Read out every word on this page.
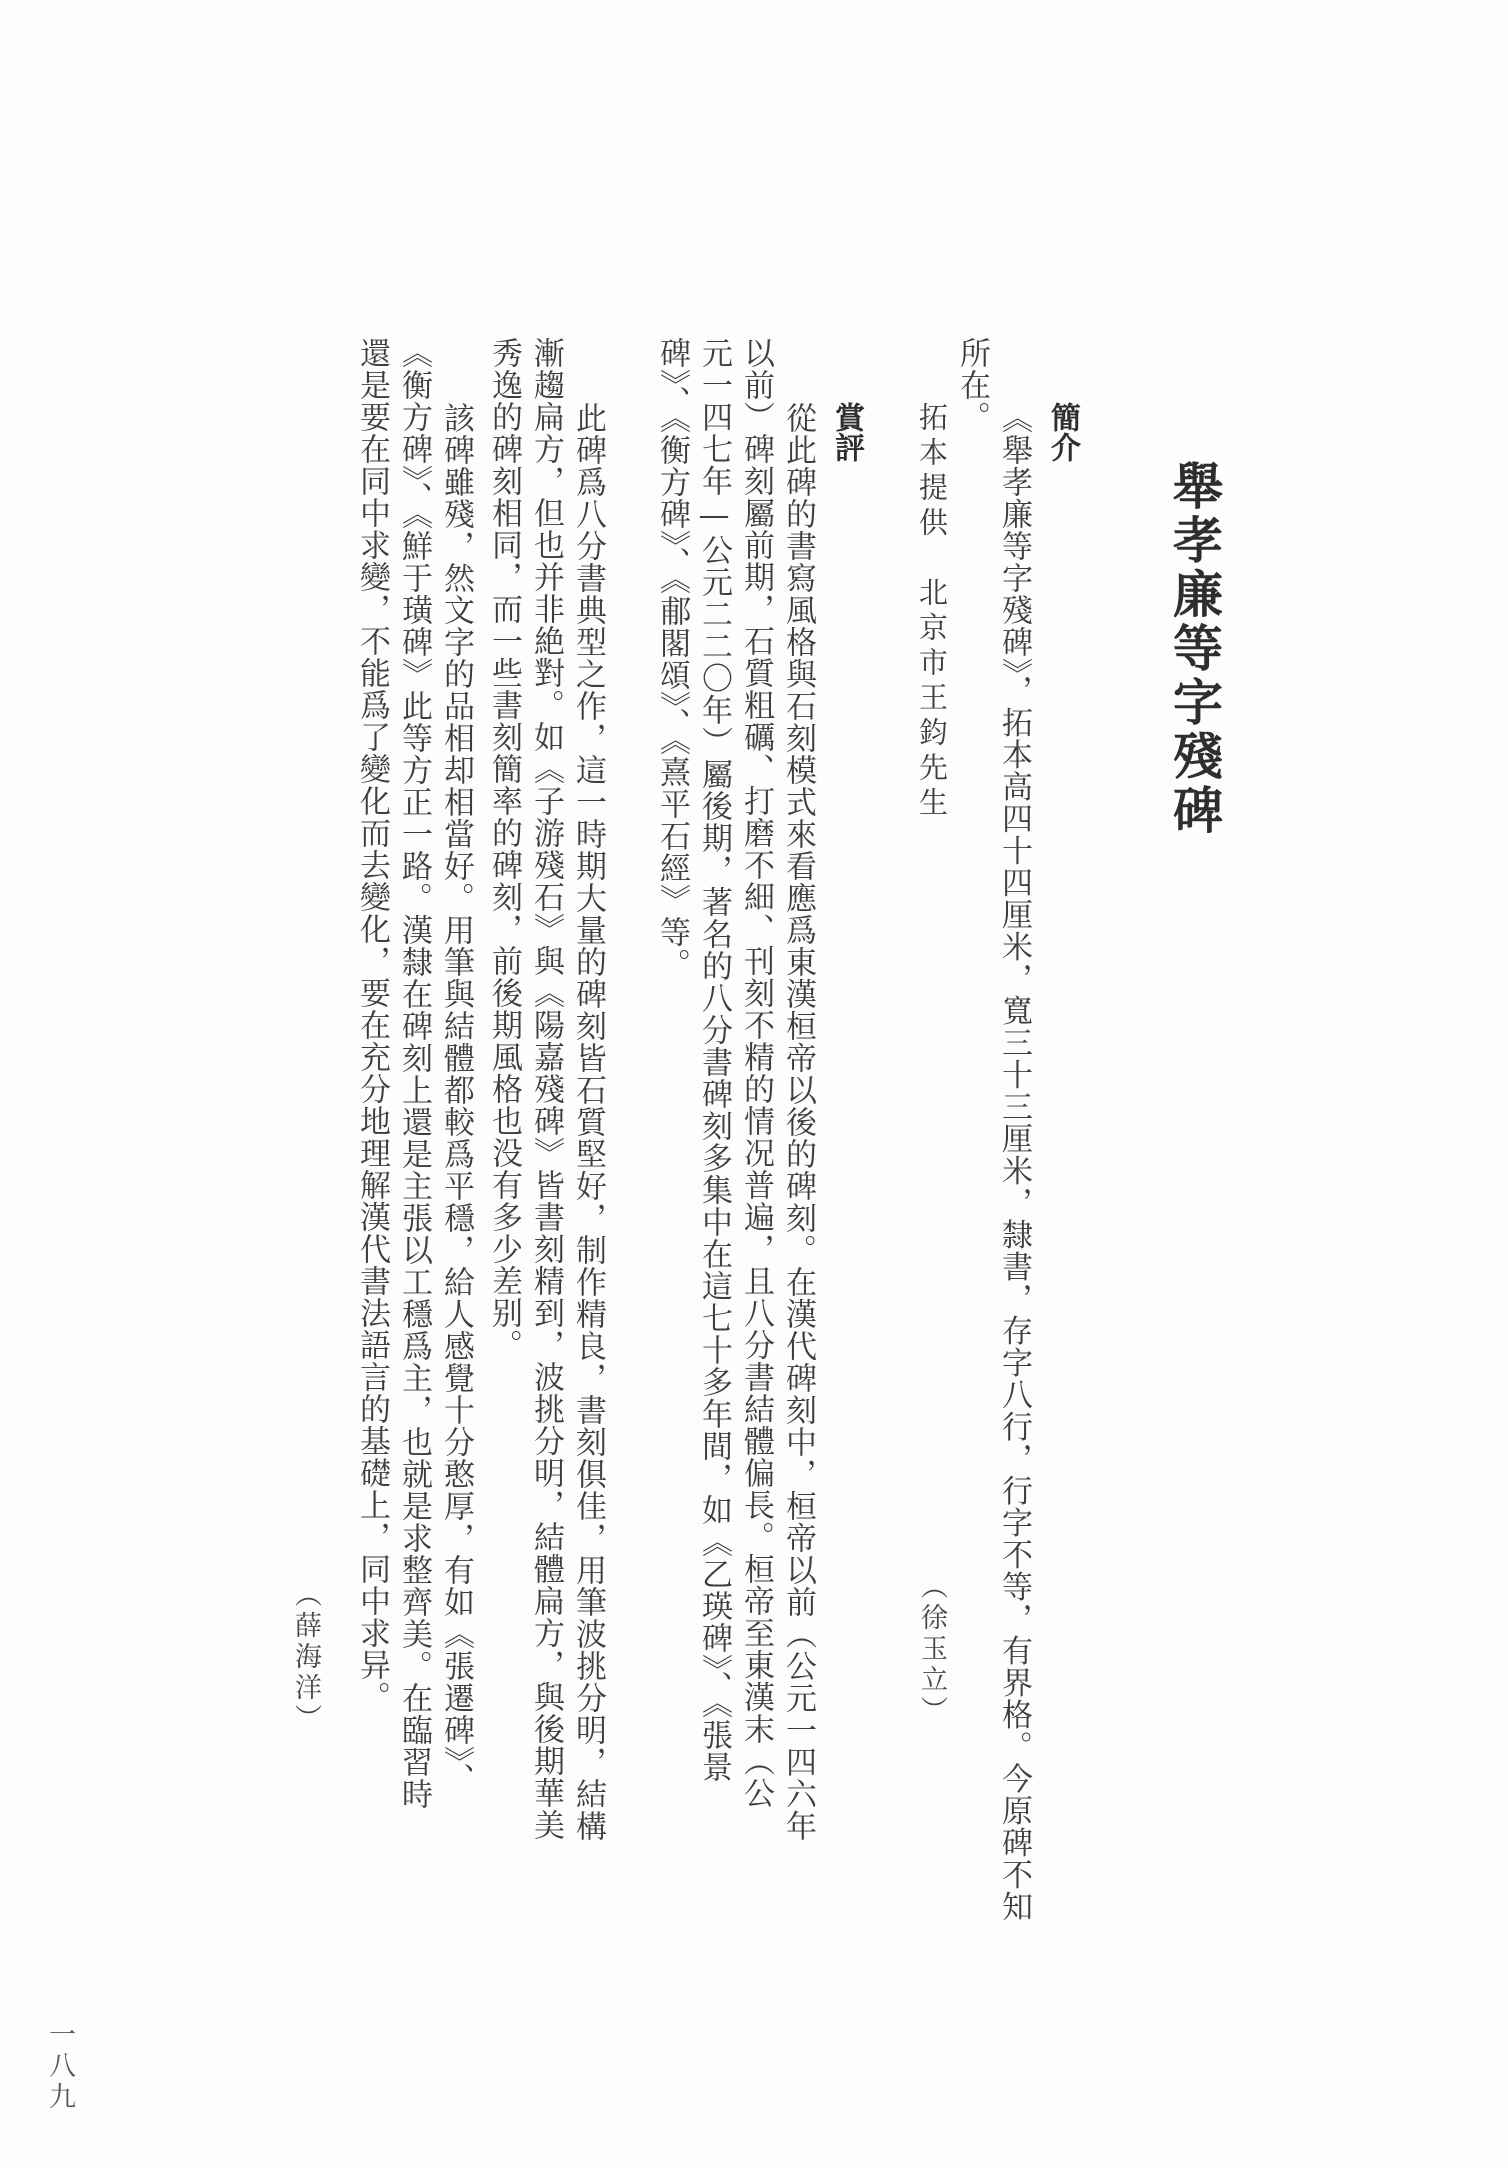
舉孝廉等字殘碑
簡介
《舉孝廉等字殘碑》，拓本高四十四厘米，寬三十三厘米，隸書，存字八行，行字不等，有界格。今原碑不知
所在。
拓本提供　北京市王鈞先生
（徐玉立）
賞評
從此碑的書寫風格與石刻模式來看應爲東漢桓帝以後的碑刻。在漢代碑刻中，桓帝以前（公元一四六年
以前）碑刻屬前期，石質粗礪、打磨不細、刊刻不精的情况普遍，且八分書結體偏長。桓帝至東漢末（公
元一四七年—公元二二〇年）屬後期，著名的八分書碑刻多集中在這七十多年間，如《乙瑛碑》、《張景
碑》、《衡方碑》、《郙閣頌》、《熹平石經》等。
此碑爲八分書典型之作，這一時期大量的碑刻皆石質堅好，制作精良，書刻俱佳，用筆波挑分明，結構
漸趨扁方，但也并非絶對。如《子游殘石》與《陽嘉殘碑》皆書刻精到，波挑分明，結體扁方，與後期華美
秀逸的碑刻相同，而一些書刻簡率的碑刻，前後期風格也没有多少差别。
該碑雖殘，然文字的品相却相當好。用筆與結體都較爲平穩，給人感覺十分憨厚，有如《張遷碑》、
《衡方碑》、《鮮于璜碑》此等方正一路。漢隸在碑刻上還是主張以工穩爲主，也就是求整齊美。在臨習時
還是要在同中求變，不能爲了變化而去變化，要在充分地理解漢代書法語言的基礎上，同中求异。
（薛海洋）
一八九
